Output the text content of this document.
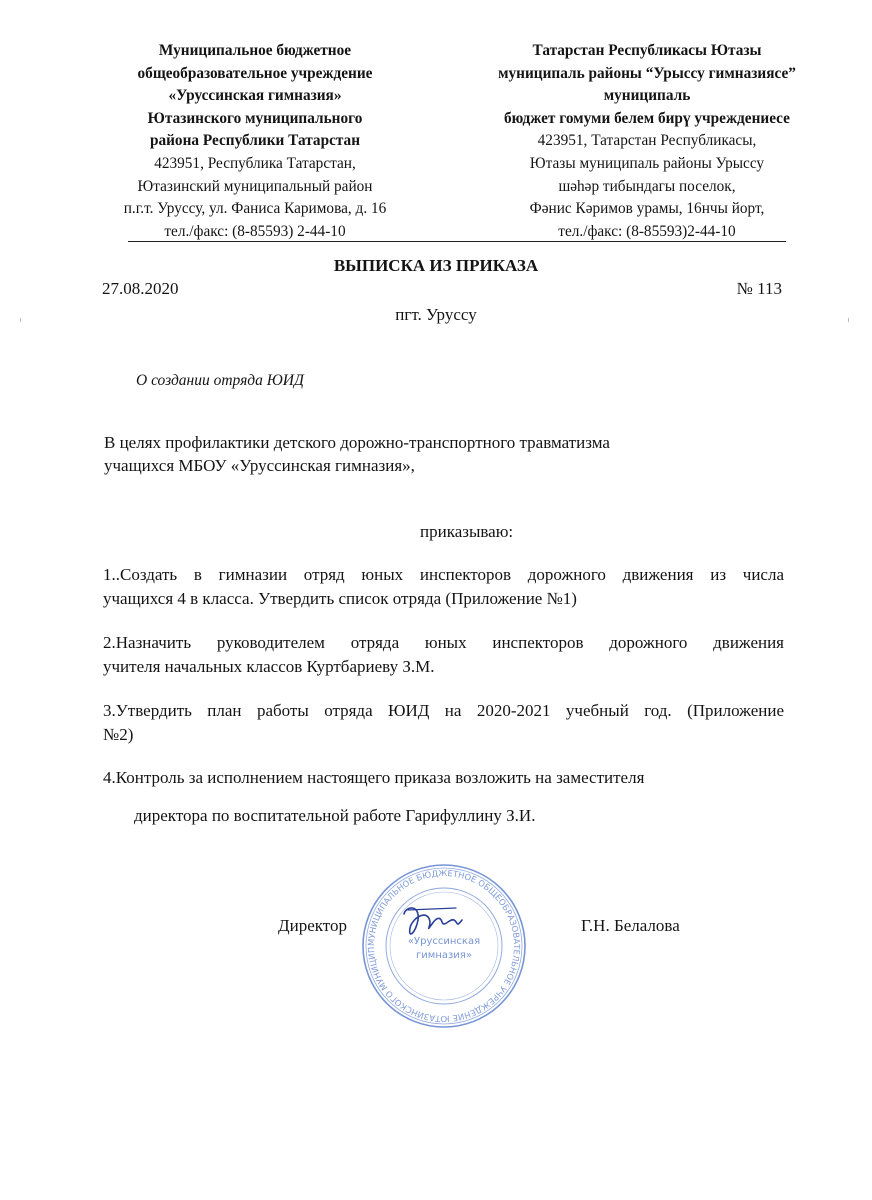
Муниципальное бюджетное
общеобразовательное учреждение
«Уруссинская гимназия»
Ютазинского муниципального
района Республики Татарстан
423951, Республика Татарстан,
Ютазинский муниципальный район
п.г.т. Уруссу, ул. Фаниса Каримова, д. 16
тел./факс: (8-85593) 2-44-10
Татарстан Республикасы Ютазы
муниципаль районы “Урыссу гимназиясе”
муниципаль
бюджет гомуми белем бирү учреждениесе
423951, Татарстан Республикасы,
Ютазы муниципаль районы Урыссу
шәһәр тибындагы поселок,
Фәнис Кәримов урамы, 16нчы йорт,
тел./факс: (8-85593)2-44-10
ВЫПИСКА ИЗ ПРИКАЗА
27.08.2020	№ 113
пгт. Уруссу
О создании отряда ЮИД
В целях профилактики детского дорожно-транспортного травматизма
учащихся МБОУ «Уруссинская гимназия»,
приказываю:
1..Создать в гимназии отряд юных инспекторов дорожного движения из числа
учащихся 4 в класса. Утвердить список отряда (Приложение №1)
2.Назначить руководителем отряда юных инспекторов дорожного движения
учителя начальных классов Куртбариеву З.М.
3.Утвердить план работы отряда ЮИД на 2020-2021 учебный год. (Приложение
№2)
4.Контроль за исполнением настоящего приказа возложить на заместителя
директора по воспитательной работе Гарифуллину З.И.
МУНИЦИПАЛЬНОЕ БЮДЖЕТНОЕ ОБЩЕОБРАЗОВАТЕЛЬНОЕ УЧРЕЖДЕНИЕ ЮТАЗИНСКОГО МУНИЦИП
«Уруссинская
гимназия»
Директор	Г.Н. Белалова
